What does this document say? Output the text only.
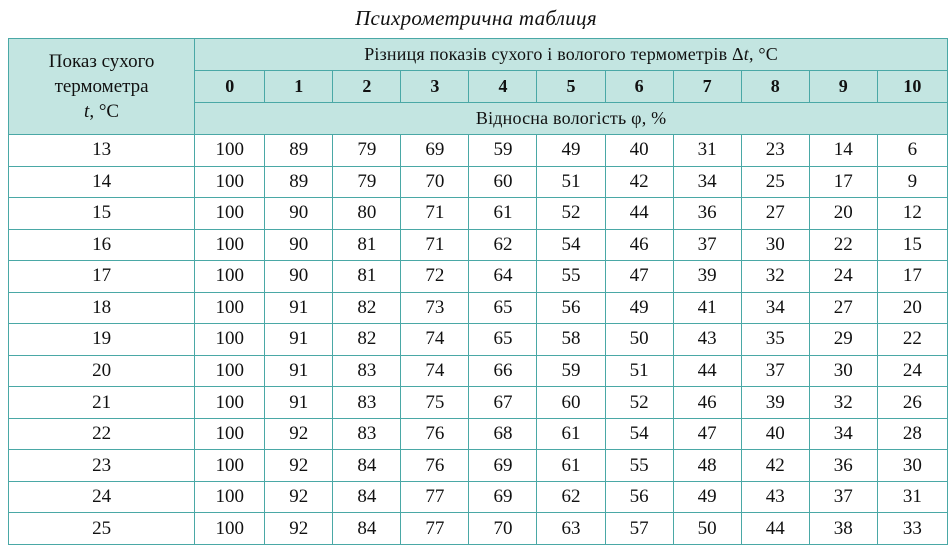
Психрометрична таблиця
Показ сухого
термометра
t, °C	Різниця показів сухого і вологого термометрів Δt, °C										
	0	1	2	3	4	5	6	7	8	9	10
	Відносна вологість φ, %										
13	100	89	79	69	59	49	40	31	23	14	6
14	100	89	79	70	60	51	42	34	25	17	9
15	100	90	80	71	61	52	44	36	27	20	12
16	100	90	81	71	62	54	46	37	30	22	15
17	100	90	81	72	64	55	47	39	32	24	17
18	100	91	82	73	65	56	49	41	34	27	20
19	100	91	82	74	65	58	50	43	35	29	22
20	100	91	83	74	66	59	51	44	37	30	24
21	100	91	83	75	67	60	52	46	39	32	26
22	100	92	83	76	68	61	54	47	40	34	28
23	100	92	84	76	69	61	55	48	42	36	30
24	100	92	84	77	69	62	56	49	43	37	31
25	100	92	84	77	70	63	57	50	44	38	33
